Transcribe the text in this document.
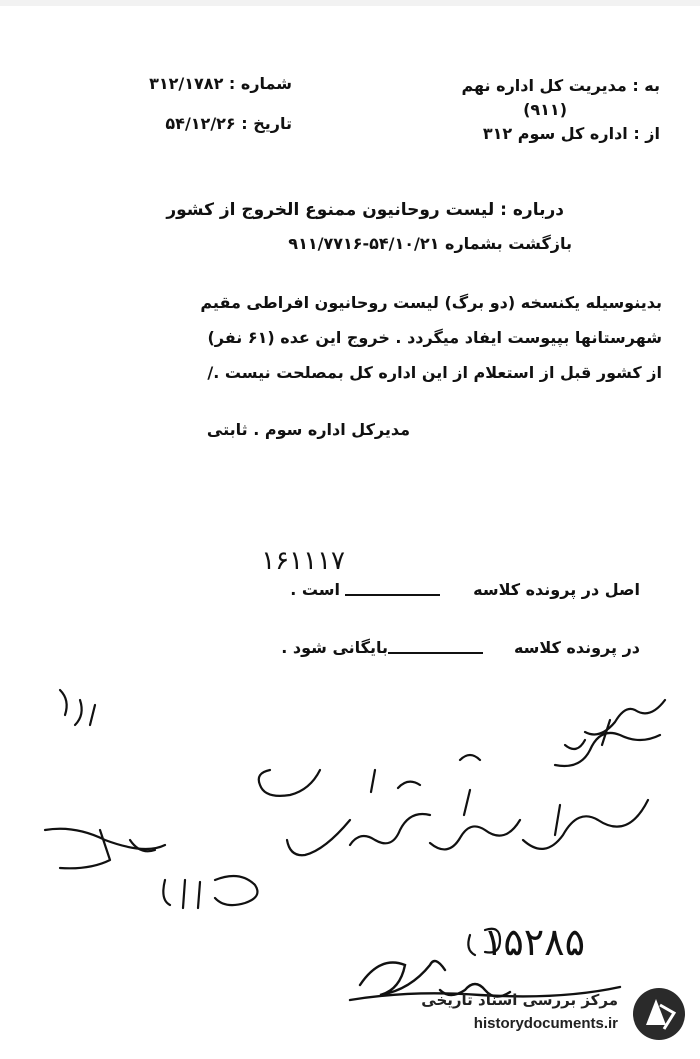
به : مدیریت کل اداره نهم
(۹۱۱)
از : اداره کل سوم ۳۱۲
شماره : ۳۱۲/۱۷۸۲
تاریخ : ۵۴/۱۲/۲۶
درباره : لیست روحانیون ممنوع الخروج از کشور
بازگشت بشماره ۵۴/۱۰/۲۱-۹۱۱/۷۷۱۶
بدینوسیله یکنسخه (دو برگ) لیست روحانیون افراطی مقیم
شهرستانها بپیوست ایفاد میگردد . خروج این عده (۶۱ نفر)
از کشور قبل از استعلام از این اداره کل بمصلحت نیست ./
مدیرکل اداره سوم . ثابتی
اصل در پرونده کلاسه
۱۶۱۱۱۷
است .
در پرونده کلاسه
بایگانی شود .
۱۵۲۸۵
مرکز بررسی اسناد تاریخی
historydocuments.ir
